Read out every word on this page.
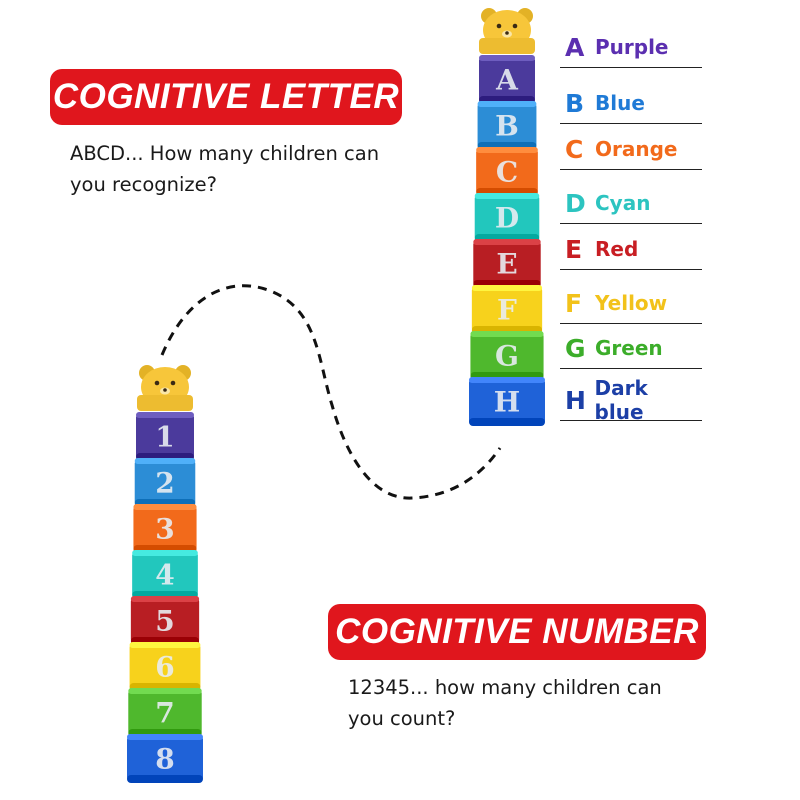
COGNITIVE LETTER
ABCD... How many children can
you recognize?
COGNITIVE NUMBER
12345... how many children can
you count?
A
B
C
D
E
F
G
H
1
2
3
4
5
6
7
8
A Purple
B Blue
C Orange
D Cyan
E Red
F Yellow
G Green
H Dark blue
